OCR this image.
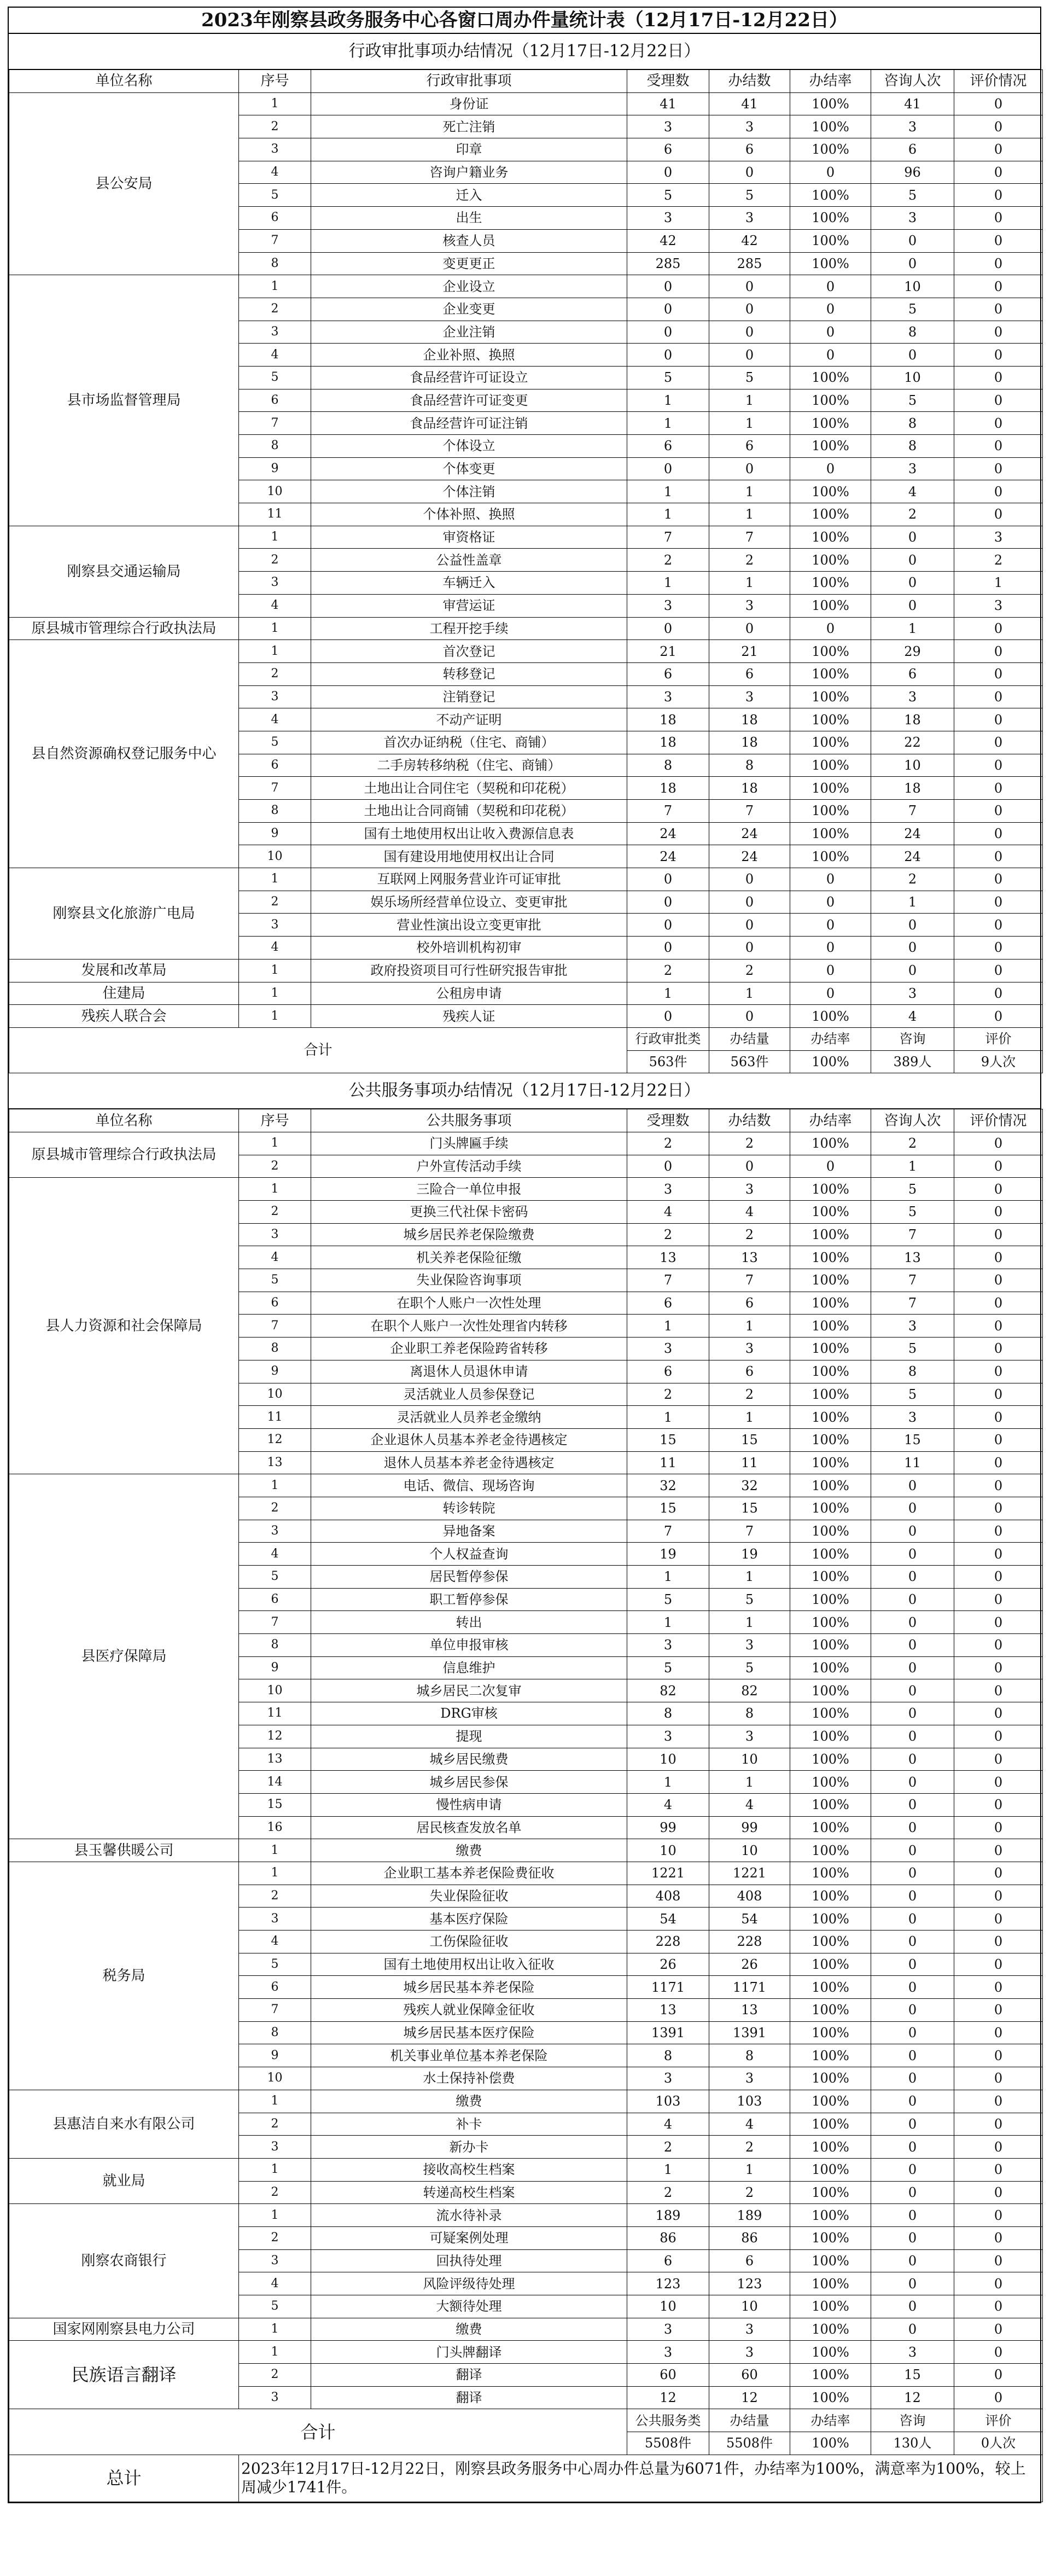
2023年刚察县政务服务中心各窗口周办件量统计表（12月17日-12月22日）
行政审批事项办结情况（12月17日-12月22日）
单位名称	序号	行政审批事项	受理数	办结数	办结率	咨询人次	评价情况
县公安局	1	身份证	41	41	100%	41	0
	2	死亡注销	3	3	100%	3	0
	3	印章	6	6	100%	6	0
	4	咨询户籍业务	0	0	0	96	0
	5	迁入	5	5	100%	5	0
	6	出生	3	3	100%	3	0
	7	核查人员	42	42	100%	0	0
	8	变更更正	285	285	100%	0	0
县市场监督管理局	1	企业设立	0	0	0	10	0
	2	企业变更	0	0	0	5	0
	3	企业注销	0	0	0	8	0
	4	企业补照、换照	0	0	0	0	0
	5	食品经营许可证设立	5	5	100%	10	0
	6	食品经营许可证变更	1	1	100%	5	0
	7	食品经营许可证注销	1	1	100%	8	0
	8	个体设立	6	6	100%	8	0
	9	个体变更	0	0	0	3	0
	10	个体注销	1	1	100%	4	0
	11	个体补照、换照	1	1	100%	2	0
刚察县交通运输局	1	审资格证	7	7	100%	0	3
	2	公益性盖章	2	2	100%	0	2
	3	车辆迁入	1	1	100%	0	1
	4	审营运证	3	3	100%	0	3
原县城市管理综合行政执法局	1	工程开挖手续	0	0	0	1	0
县自然资源确权登记服务中心	1	首次登记	21	21	100%	29	0
	2	转移登记	6	6	100%	6	0
	3	注销登记	3	3	100%	3	0
	4	不动产证明	18	18	100%	18	0
	5	首次办证纳税（住宅、商铺）	18	18	100%	22	0
	6	二手房转移纳税（住宅、商铺）	8	8	100%	10	0
	7	土地出让合同住宅（契税和印花税）	18	18	100%	18	0
	8	土地出让合同商铺（契税和印花税）	7	7	100%	7	0
	9	国有土地使用权出让收入费源信息表	24	24	100%	24	0
	10	国有建设用地使用权出让合同	24	24	100%	24	0
刚察县文化旅游广电局	1	互联网上网服务营业许可证审批	0	0	0	2	0
	2	娱乐场所经营单位设立、变更审批	0	0	0	1	0
	3	营业性演出设立变更审批	0	0	0	0	0
	4	校外培训机构初审	0	0	0	0	0
发展和改革局	1	政府投资项目可行性研究报告审批	2	2	0	0	0
住建局	1	公租房申请	1	1	0	3	0
残疾人联合会	1	残疾人证	0	0	100%	4	0
合计			行政审批类	办结量	办结率	咨询	评价
			563件	563件	100%	389人	9人次
公共服务事项办结情况（12月17日-12月22日）
单位名称	序号	公共服务事项	受理数	办结数	办结率	咨询人次	评价情况
原县城市管理综合行政执法局	1	门头牌匾手续	2	2	100%	2	0
	2	户外宣传活动手续	0	0	0	1	0
县人力资源和社会保障局	1	三险合一单位申报	3	3	100%	5	0
	2	更换三代社保卡密码	4	4	100%	5	0
	3	城乡居民养老保险缴费	2	2	100%	7	0
	4	机关养老保险征缴	13	13	100%	13	0
	5	失业保险咨询事项	7	7	100%	7	0
	6	在职个人账户一次性处理	6	6	100%	7	0
	7	在职个人账户一次性处理省内转移	1	1	100%	3	0
	8	企业职工养老保险跨省转移	3	3	100%	5	0
	9	离退休人员退休申请	6	6	100%	8	0
	10	灵活就业人员参保登记	2	2	100%	5	0
	11	灵活就业人员养老金缴纳	1	1	100%	3	0
	12	企业退休人员基本养老金待遇核定	15	15	100%	15	0
	13	退休人员基本养老金待遇核定	11	11	100%	11	0
县医疗保障局	1	电话、微信、现场咨询	32	32	100%	0	0
	2	转诊转院	15	15	100%	0	0
	3	异地备案	7	7	100%	0	0
	4	个人权益查询	19	19	100%	0	0
	5	居民暂停参保	1	1	100%	0	0
	6	职工暂停参保	5	5	100%	0	0
	7	转出	1	1	100%	0	0
	8	单位申报审核	3	3	100%	0	0
	9	信息维护	5	5	100%	0	0
	10	城乡居民二次复审	82	82	100%	0	0
	11	DRG审核	8	8	100%	0	0
	12	提现	3	3	100%	0	0
	13	城乡居民缴费	10	10	100%	0	0
	14	城乡居民参保	1	1	100%	0	0
	15	慢性病申请	4	4	100%	0	0
	16	居民核查发放名单	99	99	100%	0	0
县玉馨供暖公司	1	缴费	10	10	100%	0	0
税务局	1	企业职工基本养老保险费征收	1221	1221	100%	0	0
	2	失业保险征收	408	408	100%	0	0
	3	基本医疗保险	54	54	100%	0	0
	4	工伤保险征收	228	228	100%	0	0
	5	国有土地使用权出让收入征收	26	26	100%	0	0
	6	城乡居民基本养老保险	1171	1171	100%	0	0
	7	残疾人就业保障金征收	13	13	100%	0	0
	8	城乡居民基本医疗保险	1391	1391	100%	0	0
	9	机关事业单位基本养老保险	8	8	100%	0	0
	10	水土保持补偿费	3	3	100%	0	0
县惠洁自来水有限公司	1	缴费	103	103	100%	0	0
	2	补卡	4	4	100%	0	0
	3	新办卡	2	2	100%	0	0
就业局	1	接收高校生档案	1	1	100%	0	0
	2	转递高校生档案	2	2	100%	0	0
刚察农商银行	1	流水待补录	189	189	100%	0	0
	2	可疑案例处理	86	86	100%	0	0
	3	回执待处理	6	6	100%	0	0
	4	风险评级待处理	123	123	100%	0	0
	5	大额待处理	10	10	100%	0	0
国家网刚察县电力公司	1	缴费	3	3	100%	0	0
民族语言翻译	1	门头牌翻译	3	3	100%	3	0
	2	翻译	60	60	100%	15	0
	3	翻译	12	12	100%	12	0
合计			公共服务类	办结量	办结率	咨询	评价
			5508件	5508件	100%	130人	0人次
总计	2023年12月17日-12月22日，刚察县政务服务中心周办件总量为6071件，办结率为100%，满意率为100%，较上周减少1741件。						
